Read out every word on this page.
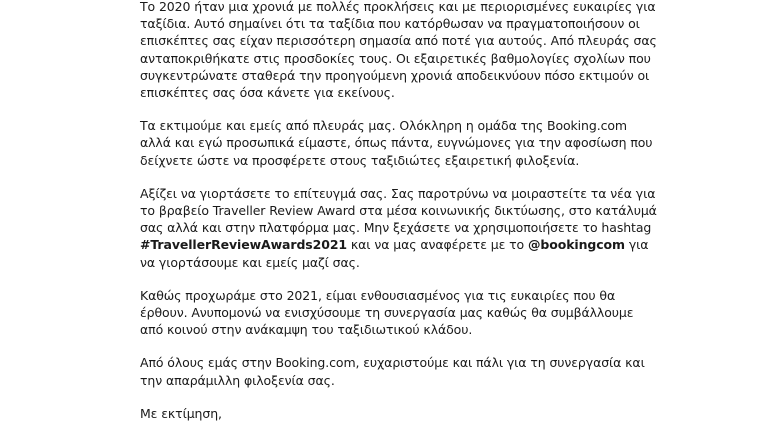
Το 2020 ήταν μια χρονιά με πολλές προκλήσεις και με περιορισμένες ευκαιρίες για ταξίδια. Αυτό σημαίνει ότι τα ταξίδια που κατόρθωσαν να πραγματοποιήσουν οι επισκέπτες σας είχαν περισσότερη σημασία από ποτέ για αυτούς. Από πλευράς σας ανταποκριθήκατε στις προσδοκίες τους. Οι εξαιρετικές βαθμολογίες σχολίων που συγκεντρώνατε σταθερά την προηγούμενη χρονιά αποδεικνύουν πόσο εκτιμούν οι επισκέπτες σας όσα κάνετε για εκείνους.

Τα εκτιμούμε και εμείς από πλευράς μας. Ολόκληρη η ομάδα της Booking.com αλλά και εγώ προσωπικά είμαστε, όπως πάντα, ευγνώμονες για την αφοσίωση που δείχνετε ώστε να προσφέρετε στους ταξιδιώτες εξαιρετική φιλοξενία.

Αξίζει να γιορτάσετε το επίτευγμά σας. Σας παροτρύνω να μοιραστείτε τα νέα για το βραβείο Traveller Review Award στα μέσα κοινωνικής δικτύωσης, στο κατάλυμά σας αλλά και στην πλατφόρμα μας. Μην ξεχάσετε να χρησιμοποιήσετε το hashtag #TravellerReviewAwards2021 και να μας αναφέρετε με το @bookingcom για να γιορτάσουμε και εμείς μαζί σας.

Καθώς προχωράμε στο 2021, είμαι ενθουσιασμένος για τις ευκαιρίες που θα έρθουν. Ανυπομονώ να ενισχύσουμε τη συνεργασία μας καθώς θα συμβάλλουμε από κοινού στην ανάκαμψη του ταξιδιωτικού κλάδου.

Από όλους εμάς στην Booking.com, ευχαριστούμε και πάλι για τη συνεργασία και την απαράμιλλη φιλοξενία σας.

Με εκτίμηση,
